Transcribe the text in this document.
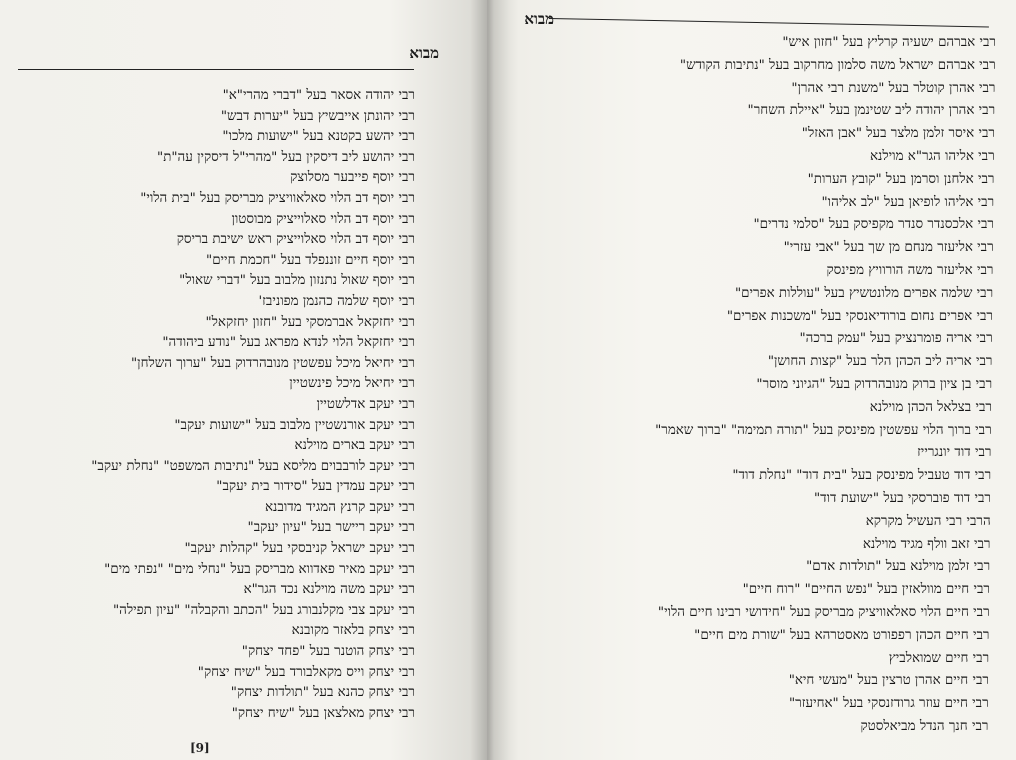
מבוא
רבי יהודה אסאר בעל "דברי מהרי"א"
רבי יהונתן אייבשיץ בעל "יערות דבש"
רבי יהשע בקטנא בעל "ישועות מלכו"
רבי יהושע ליב דיסקין בעל "מהרי"ל דיסקין עה"ת"
רבי יוסף פייבער מסלוצק
רבי יוסף דב הלוי סאלאוויציק מבריסק בעל "בית הלוי"
רבי יוסף דב הלוי סאלוייציק מבוסטון
רבי יוסף דב הלוי סאלוייציק ראש ישיבת בריסק
רבי יוסף חיים זוננפלד בעל "חכמת חיים"
רבי יוסף שאול נתנזון מלבוב בעל "דברי שאול"
רבי יוסף שלמה כהנמן מפוניבז'
רבי יחזקאל אברמסקי בעל "חזון יחזקאל"
רבי יחזקאל הלוי לנדא מפראג בעל "נודע ביהודה"
רבי יחיאל מיכל עפשטין מנובהרדוק בעל "ערוך השלחן"
רבי יחיאל מיכל פינשטיין
רבי יעקב אדלשטיין
רבי יעקב אורנשטיין מלבוב בעל "ישועות יעקב"
רבי יעקב בארים מוילנא
רבי יעקב לורבבוים מליסא בעל "נתיבות המשפט" "נחלת יעקב"
רבי יעקב עמדין בעל "סידור בית יעקב"
רבי יעקב קרנץ המגיד מדובנא
רבי יעקב ריישר בעל "עיון יעקב"
רבי יעקב ישראל קניבסקי בעל "קהלות יעקב"
רבי יעקב מאיר פאדווא מבריסק בעל "נחלי מים" "נפתי מים"
רבי יעקב משה מוילנא נכד הגר"א
רבי יעקב צבי מקלנבורג בעל "הכתב והקבלה" "עיון תפילה"
רבי יצחק בלאזר מקובנא
רבי יצחק הוטנר בעל "פחד יצחק"
רבי יצחק וייס מקאלבורד בעל "שיח יצחק"
רבי יצחק כהנא בעל "תולדות יצחק"
רבי יצחק מאלצאן בעל "שיח יצחק"
[9]
מבוא
רבי אברהם ישעיה קרליץ בעל "חזון איש"
רבי אברהם ישראל משה סלמון מחרקוב בעל "נתיבות הקודש"
רבי אהרן קוטלר בעל "משנת רבי אהרן"
רבי אהרן יהודה ליב שטינמן בעל "איילת השחר"
רבי איסר זלמן מלצר בעל "אבן האזל"
רבי אליהו הגר"א מוילנא
רבי אלחנן וסרמן בעל "קובץ הערות"
רבי אליהו לופיאן בעל "לב אליהו"
רבי אלכסנדר סנדר מקפיסק בעל "סלמי נדרים"
רבי אליעזר מנחם מן שך בעל "אבי עזרי"
רבי אליעזר משה הורוויץ מפינסק
רבי שלמה אפרים מלונטשיץ בעל "עוללות אפרים"
רבי אפרים נחום בורודיאנסקי בעל "משכנות אפרים"
רבי אריה פומרנציק בעל "עמק ברכה"
רבי אריה ליב הכהן הלר בעל "קצות החושן"
רבי בן ציון ברוק מנובהרדוק בעל "הגיוני מוסר"
רבי בצלאל הכהן מוילנא
רבי ברוך הלוי עפשטין מפינסק בעל "תורה תמימה" "ברוך שאמר"
רבי דוד יונגרייז
רבי דוד טעביל מפינסק בעל "בית דוד" "נחלת דוד"
רבי דוד פוברסקי בעל "ישועת דוד"
הרבי רבי העשיל מקרקא
רבי זאב וולף מגיד מוילנא
רבי זלמן מוילנא בעל "תולדות אדם"
רבי חיים מוולאזין בעל "נפש החיים" "רוח חיים"
רבי חיים הלוי סאלאוויציק מבריסק בעל "חידושי רבינו חיים הלוי"
רבי חיים הכהן רפפורט מאסטרהא בעל "שורת מים חיים"
רבי חיים שמואלביץ
רבי חיים אהרן טרצין בעל "מעשי חיא"
רבי חיים עוזר גרודזנסקי בעל "אחיעזר"
רבי חנך הנדל מביאלסטק
